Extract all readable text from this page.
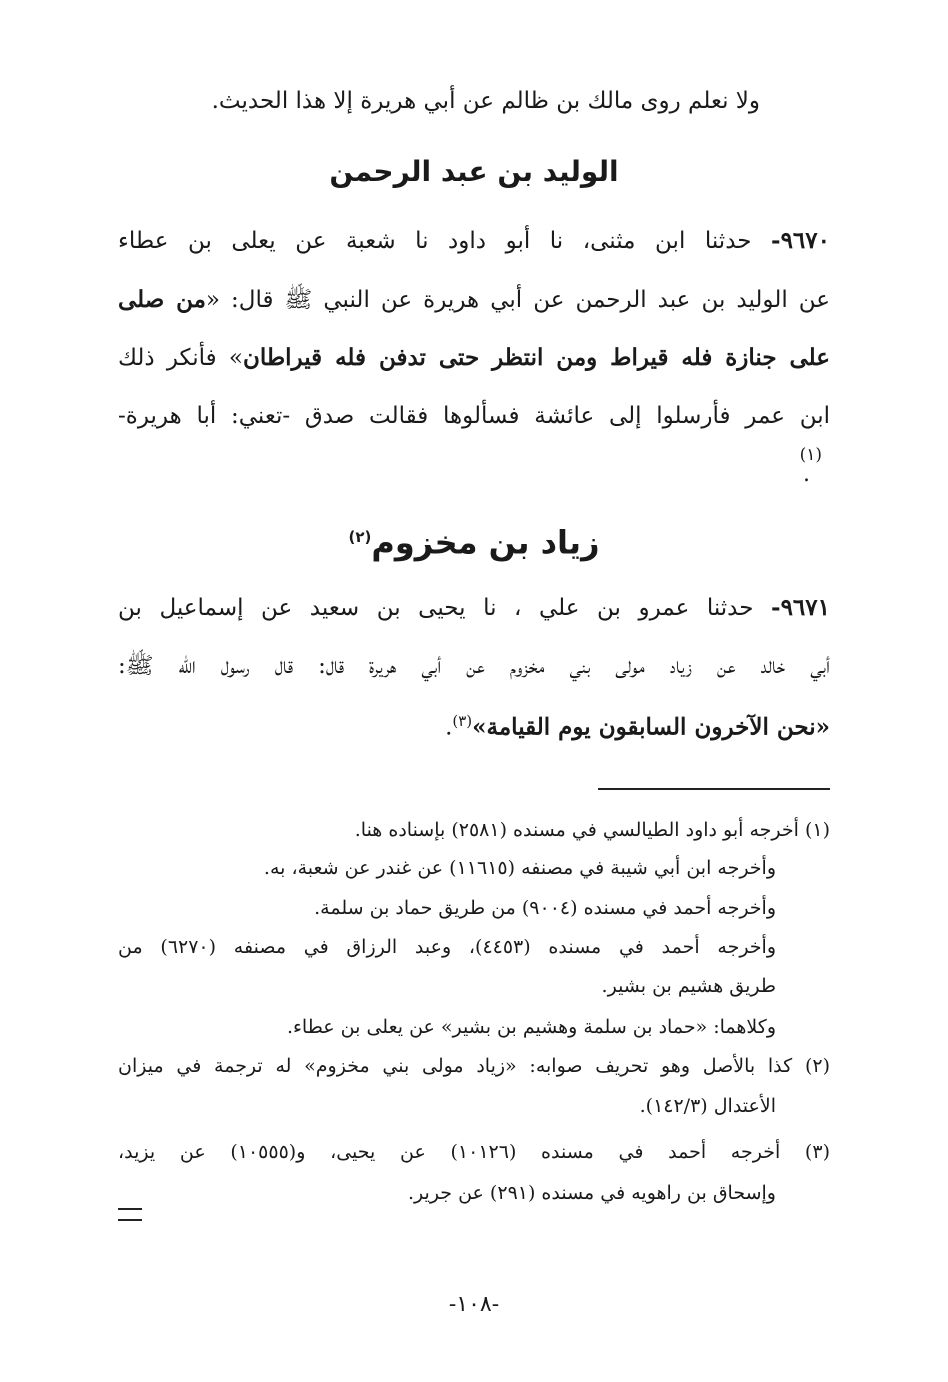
ولا نعلم روى مالك بن ظالم عن أبي هريرة إلا هذا الحديث.
الوليد بن عبد الرحمن
٩٦٧٠- حدثنا ابن مثنى، نا أبو داود نا شعبة عن يعلى بن عطاء
عن الوليد بن عبد الرحمن عن أبي هريرة عن النبي ﷺ قال: «من صلى
على جنازة فله قيراط ومن انتظر حتى تدفن فله قيراطان» فأنكر ذلك
ابن عمر فأرسلوا إلى عائشة فسألوها فقالت صدق -تعني: أبا هريرة-
(١)
.
زياد بن مخزوم$^{(٢)}$
٩٦٧١- حدثنا عمرو بن علي ، نا يحيى بن سعيد عن إسماعيل بن
أبي خالد عن زياد مولى بني مخزوم عن أبي هريرة قال: قال رسول الله ﷺ:
«نحن الآخرون السابقون يوم القيامة»$^{(٣)}$.
(١) أخرجه أبو داود الطيالسي في مسنده (٢٥٨١) بإسناده هنا.
وأخرجه ابن أبي شيبة في مصنفه (١١٦١٥) عن غندر عن شعبة، به.
وأخرجه أحمد في مسنده (٩٠٠٤) من طريق حماد بن سلمة.
وأخرجه أحمد في مسنده (٤٤٥٣)، وعبد الرزاق في مصنفه (٦٢٧٠) من
طريق هشيم بن بشير.
وكلاهما: «حماد بن سلمة وهشيم بن بشير» عن يعلى بن عطاء.
(٢) كذا بالأصل وهو تحريف صوابه: «زياد مولى بني مخزوم» له ترجمة في ميزان
الأعتدال (١٤٢/٣).
(٣) أخرجه أحمد في مسنده (١٠١٢٦) عن يحيى، و(١٠٥٥٥) عن يزيد،
وإسحاق بن راهويه في مسنده (٢٩١) عن جرير.
-١٠٨-
